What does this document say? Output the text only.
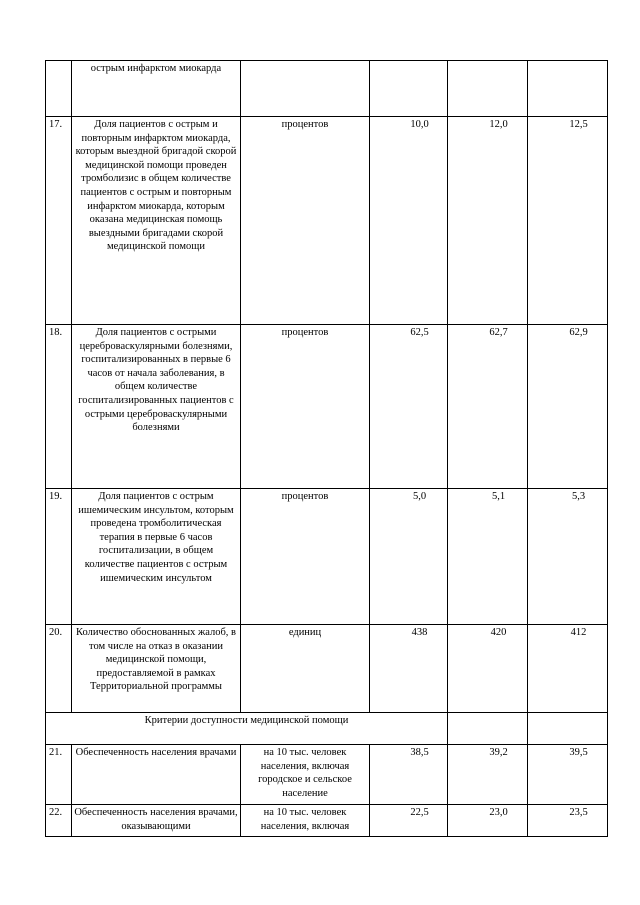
	острым инфарктом миокарда				
17.	Доля пациентов с острым и повторным инфарктом миокарда, которым выездной бригадой скорой медицинской помощи проведен тромболизис в общем количестве пациентов с острым и повторным инфарктом миокарда, которым оказана медицинская помощь выездными бригадами скорой медицинской помощи	процентов	10,0	12,0	12,5
18.	Доля пациентов с острыми цереброваскулярными болезнями, госпитализированных в первые 6 часов от начала заболевания, в общем количестве госпитализированных пациентов с острыми цереброваскулярными болезнями	процентов	62,5	62,7	62,9
19.	Доля пациентов с острым ишемическим инсультом, которым проведена тромболитическая терапия в первые 6 часов госпитализации, в общем количестве пациентов с острым ишемическим инсультом	процентов	5,0	5,1	5,3
20.	Количество обоснованных жалоб, в том числе на отказ в оказании медицинской помощи, предоставляемой в рамках Территориальной программы	единиц	438	420	412
Критерии доступности медицинской помощи					
21.	Обеспеченность населения врачами	на 10 тыс. человек населения, включая городское и сельское население	38,5	39,2	39,5
22.	Обеспеченность населения врачами, оказывающими	на 10 тыс. человек населения, включая	22,5	23,0	23,5
